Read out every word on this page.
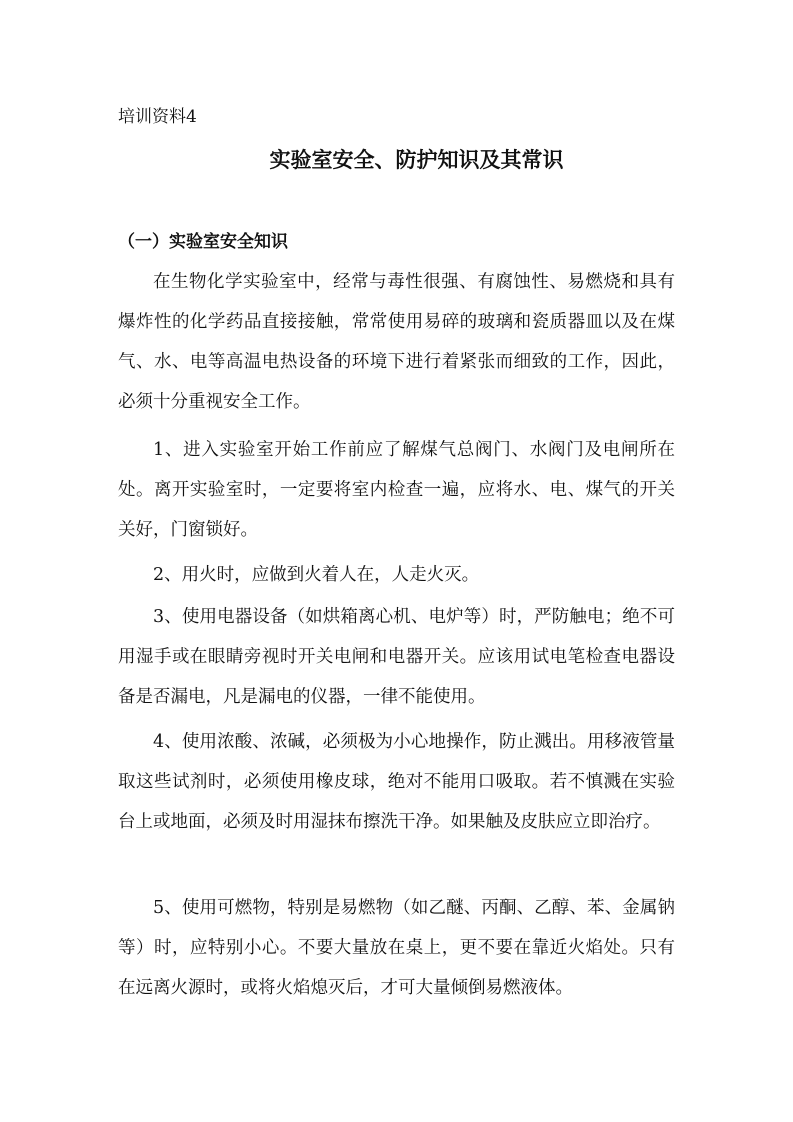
培训资料4

实验室安全、防护知识及其常识
（一）实验室安全知识

在生物化学实验室中，经常与毒性很强、有腐蚀性、易燃烧和具有爆炸性的化学药品直接接触，常常使用易碎的玻璃和瓷质器皿以及在煤气、水、电等高温电热设备的环境下进行着紧张而细致的工作，因此，必须十分重视安全工作。

1、进入实验室开始工作前应了解煤气总阀门、水阀门及电闸所在处。离开实验室时，一定要将室内检查一遍，应将水、电、煤气的开关关好，门窗锁好。

2、用火时，应做到火着人在，人走火灭。

3、使用电器设备（如烘箱离心机、电炉等）时，严防触电；绝不可用湿手或在眼睛旁视时开关电闸和电器开关。应该用试电笔检查电器设备是否漏电，凡是漏电的仪器，一律不能使用。

4、使用浓酸、浓碱，必须极为小心地操作，防止溅出。用移液管量取这些试剂时，必须使用橡皮球，绝对不能用口吸取。若不慎溅在实验台上或地面，必须及时用湿抹布擦洗干净。如果触及皮肤应立即治疗。

5、使用可燃物，特别是易燃物（如乙醚、丙酮、乙醇、苯、金属钠等）时，应特别小心。不要大量放在桌上，更不要在靠近火焰处。只有在远离火源时，或将火焰熄灭后，才可大量倾倒易燃液体。
